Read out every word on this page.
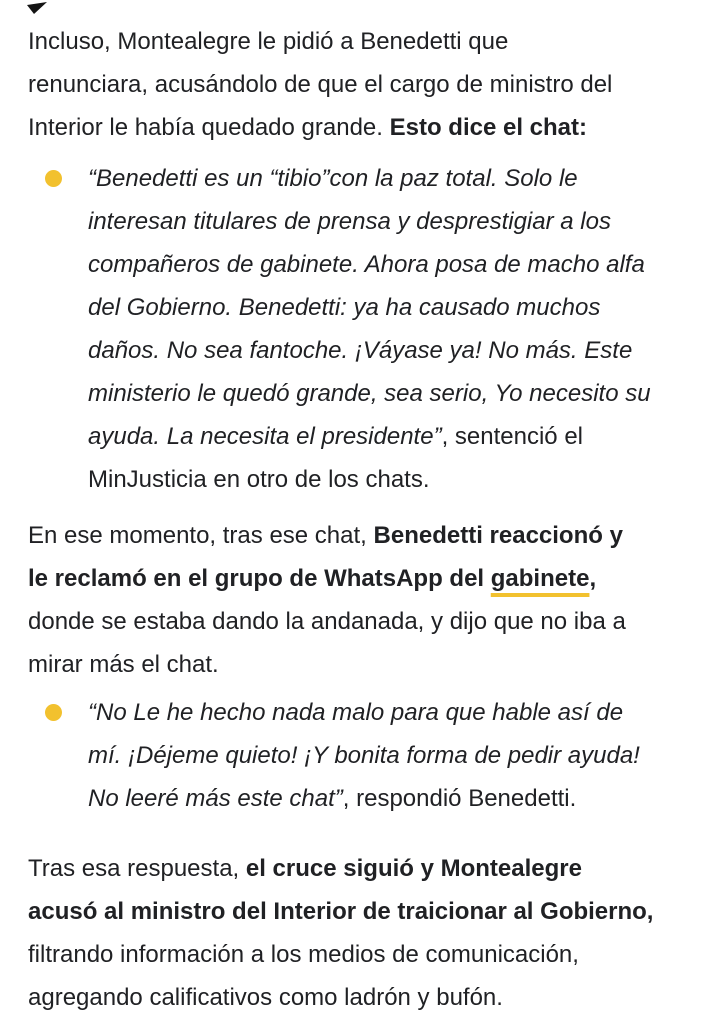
Incluso, Montealegre le pidió a Benedetti que
renunciara, acusándolo de que el cargo de ministro del
Interior le había quedado grande. Esto dice el chat:

“Benedetti es un “tibio”con la paz total. Solo le
interesan titulares de prensa y desprestigiar a los
compañeros de gabinete. Ahora posa de macho alfa
del Gobierno. Benedetti: ya ha causado muchos
daños. No sea fantoche. ¡Váyase ya! No más. Este
ministerio le quedó grande, sea serio, Yo necesito su
ayuda. La necesita el presidente”, sentenció el
MinJusticia en otro de los chats.

En ese momento, tras ese chat, Benedetti reaccionó y
le reclamó en el grupo de WhatsApp del gabinete,
donde se estaba dando la andanada, y dijo que no iba a
mirar más el chat.

“No Le he hecho nada malo para que hable así de
mí. ¡Déjeme quieto! ¡Y bonita forma de pedir ayuda!
No leeré más este chat”, respondió Benedetti.

Tras esa respuesta, el cruce siguió y Montealegre
acusó al ministro del Interior de traicionar al Gobierno,
filtrando información a los medios de comunicación,
agregando calificativos como ladrón y bufón.
